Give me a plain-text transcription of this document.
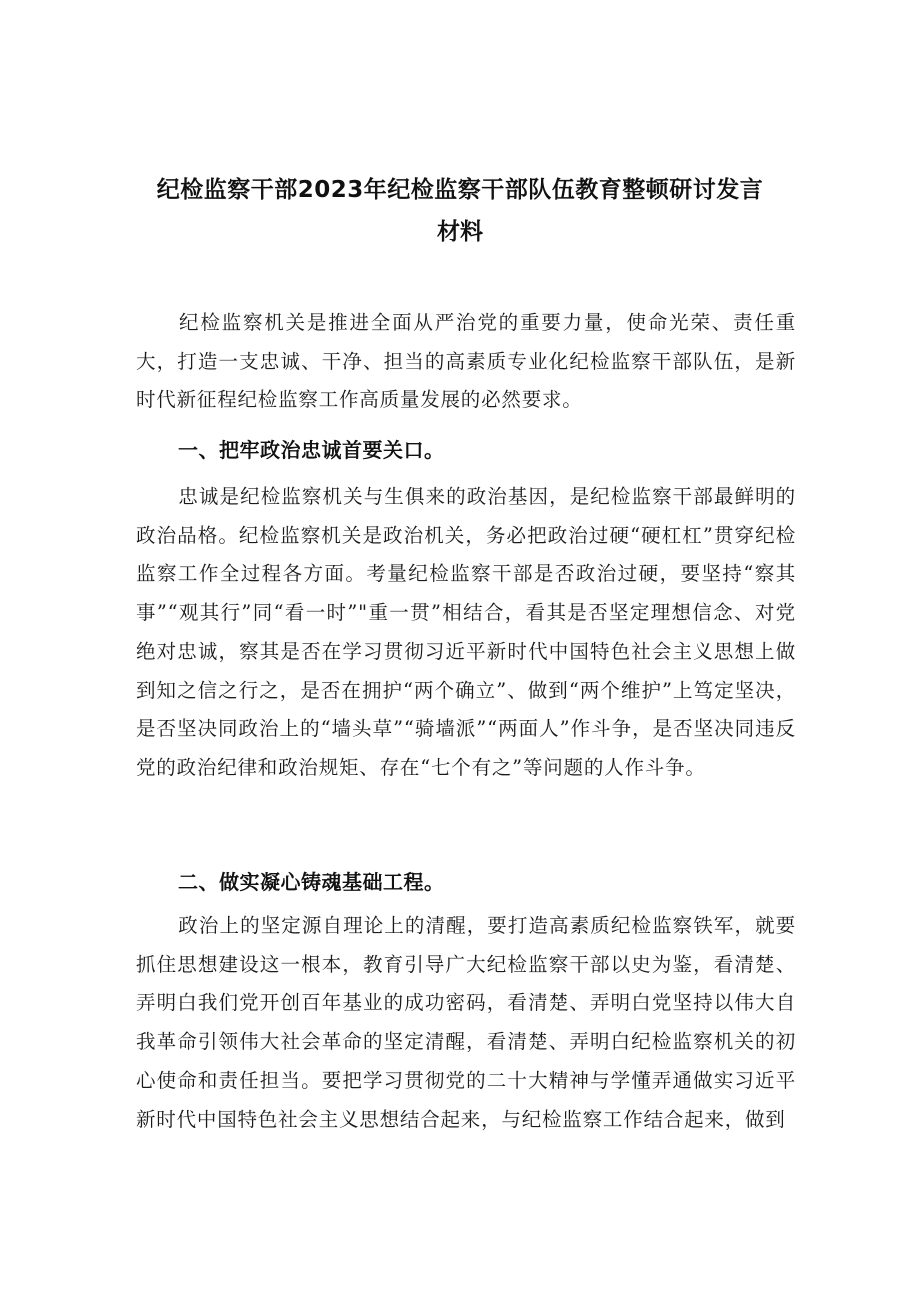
纪检监察干部2023年纪检监察干部队伍教育整顿研讨发言
材料

纪检监察机关是推进全面从严治党的重要力量，使命光荣、责任重大，打造一支忠诚、干净、担当的高素质专业化纪检监察干部队伍，是新时代新征程纪检监察工作高质量发展的必然要求。

一、把牢政治忠诚首要关口。

忠诚是纪检监察机关与生俱来的政治基因，是纪检监察干部最鲜明的政治品格。纪检监察机关是政治机关，务必把政治过硬“硬杠杠”贯穿纪检监察工作全过程各方面。考量纪检监察干部是否政治过硬，要坚持“察其事”“观其行”同“看一时”"重一贯”相结合，看其是否坚定理想信念、对党绝对忠诚，察其是否在学习贯彻习近平新时代中国特色社会主义思想上做到知之信之行之，是否在拥护“两个确立”、做到“两个维护”上笃定坚决，是否坚决同政治上的“墙头草”“骑墙派”“两面人”作斗争，是否坚决同违反党的政治纪律和政治规矩、存在“七个有之”等问题的人作斗争。

二、做实凝心铸魂基础工程。

政治上的坚定源自理论上的清醒，要打造高素质纪检监察铁军，就要抓住思想建设这一根本，教育引导广大纪检监察干部以史为鉴，看清楚、弄明白我们党开创百年基业的成功密码，看清楚、弄明白党坚持以伟大自我革命引领伟大社会革命的坚定清醒，看清楚、弄明白纪检监察机关的初心使命和责任担当。要把学习贯彻党的二十大精神与学懂弄通做实习近平新时代中国特色社会主义思想结合起来，与纪检监察工作结合起来，做到
